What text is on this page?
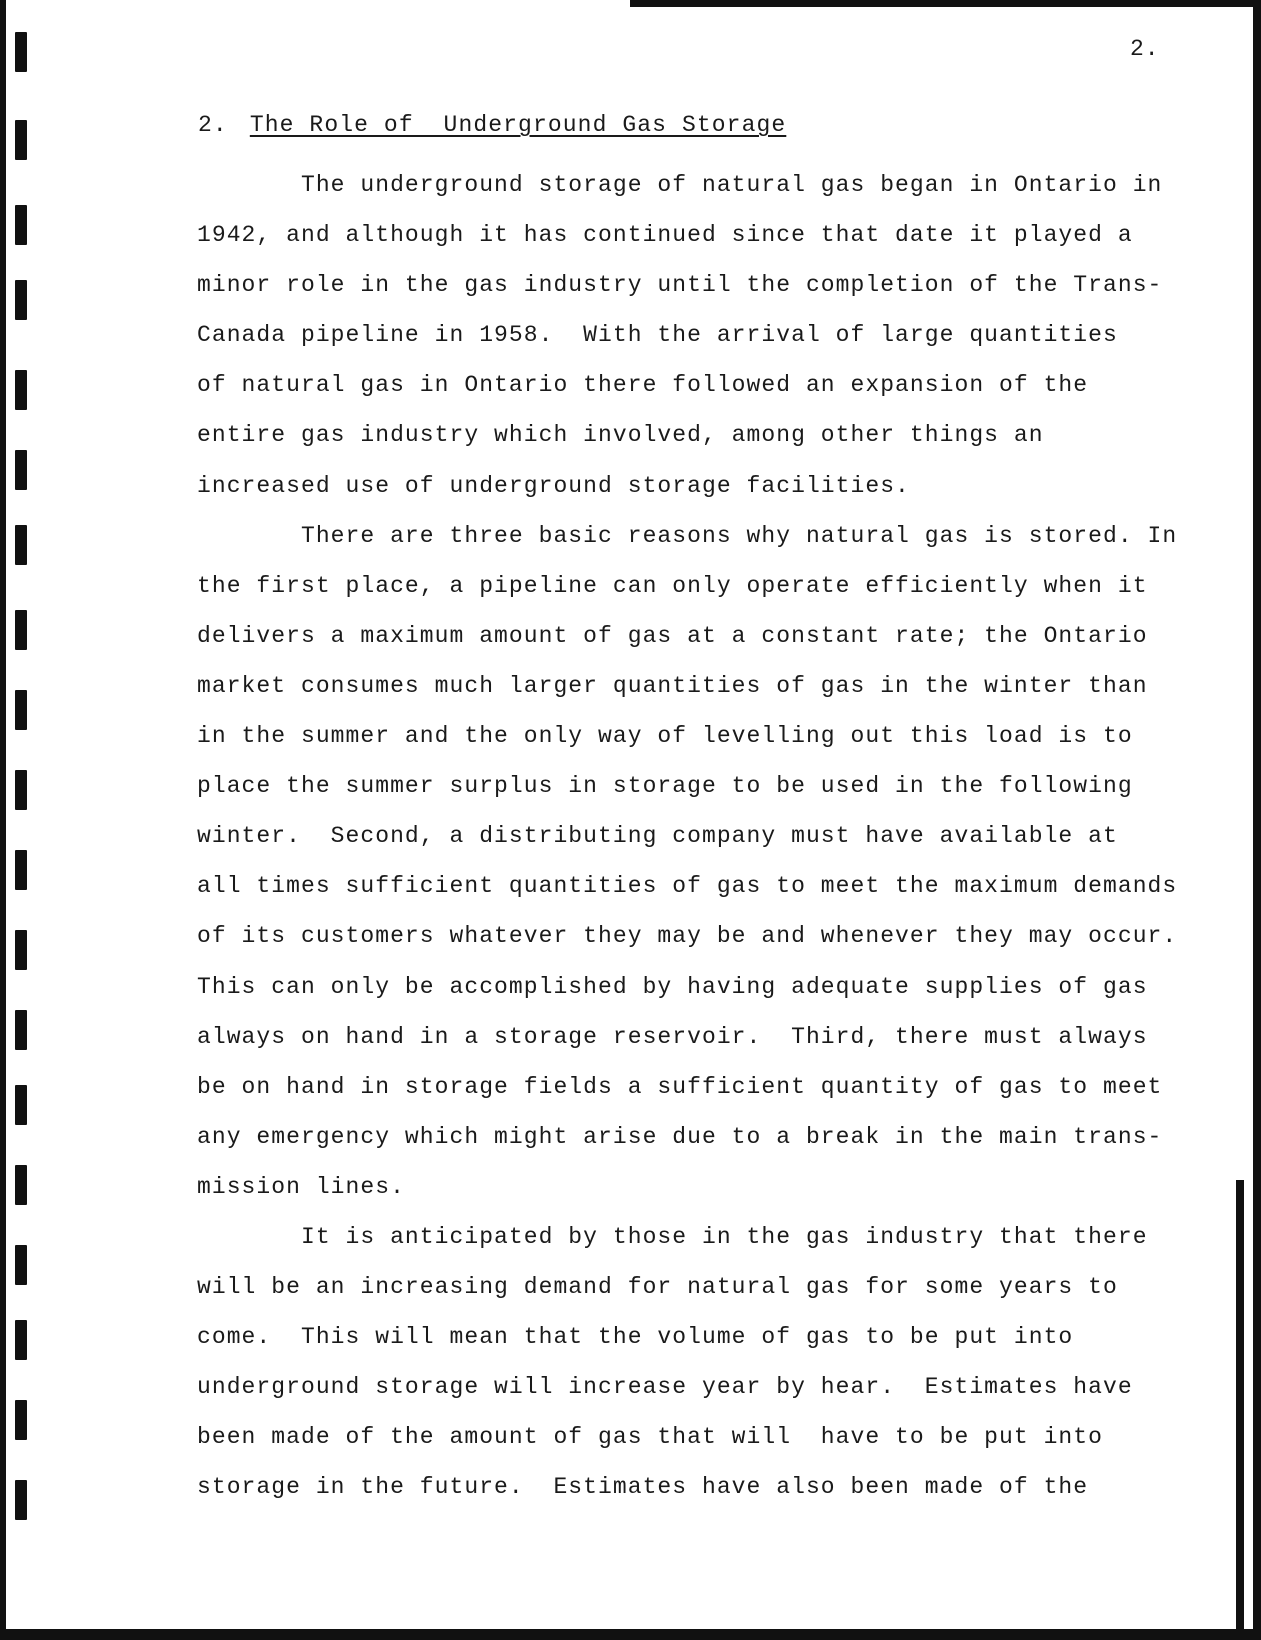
2.
2. The Role of  Underground Gas Storage
The underground storage of natural gas began in Ontario in
1942, and although it has continued since that date it played a
minor role in the gas industry until the completion of the Trans-
Canada pipeline in 1958.  With the arrival of large quantities
of natural gas in Ontario there followed an expansion of the
entire gas industry which involved, among other things an
increased use of underground storage facilities.
There are three basic reasons why natural gas is stored. In
the first place, a pipeline can only operate efficiently when it
delivers a maximum amount of gas at a constant rate; the Ontario
market consumes much larger quantities of gas in the winter than
in the summer and the only way of levelling out this load is to
place the summer surplus in storage to be used in the following
winter.  Second, a distributing company must have available at
all times sufficient quantities of gas to meet the maximum demands
of its customers whatever they may be and whenever they may occur.
This can only be accomplished by having adequate supplies of gas
always on hand in a storage reservoir.  Third, there must always
be on hand in storage fields a sufficient quantity of gas to meet
any emergency which might arise due to a break in the main trans-
mission lines.
It is anticipated by those in the gas industry that there
will be an increasing demand for natural gas for some years to
come.  This will mean that the volume of gas to be put into
underground storage will increase year by hear.  Estimates have
been made of the amount of gas that will  have to be put into
storage in the future.  Estimates have also been made of the
